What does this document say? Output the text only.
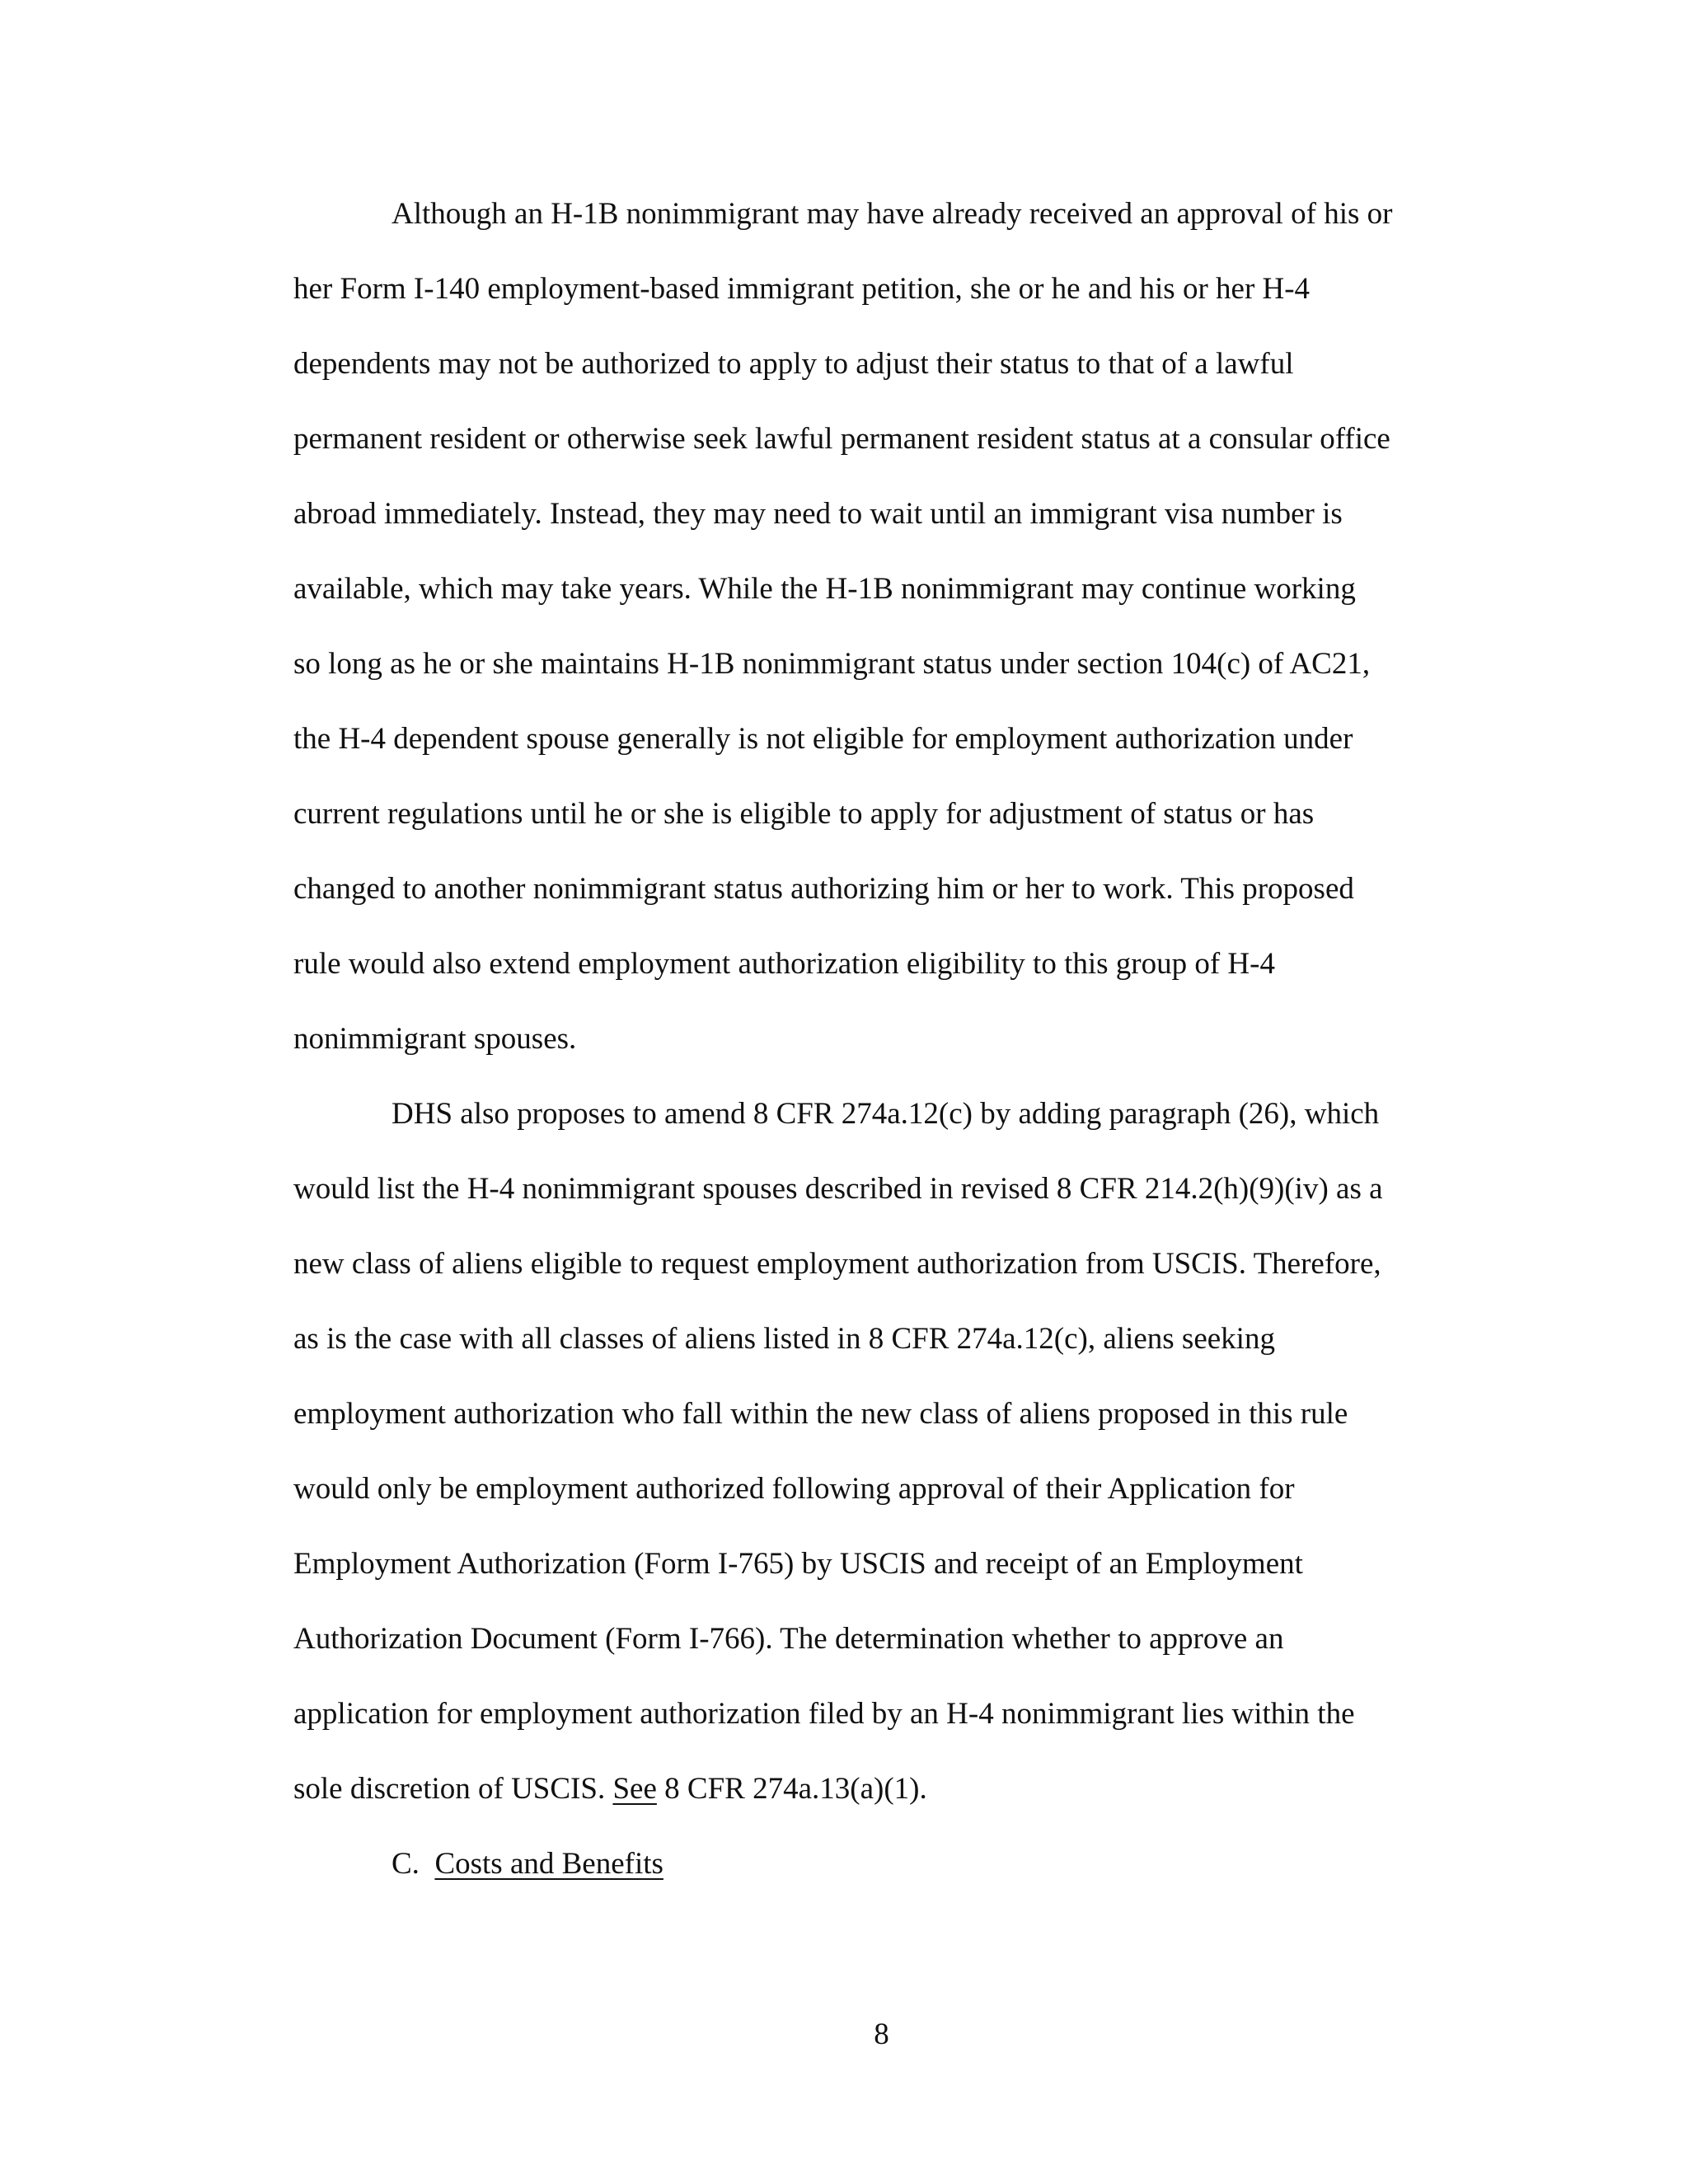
Although an H-1B nonimmigrant may have already received an approval of his or

her Form I-140 employment-based immigrant petition, she or he and his or her H-4

dependents may not be authorized to apply to adjust their status to that of a lawful

permanent resident or otherwise seek lawful permanent resident status at a consular office

abroad immediately. Instead, they may need to wait until an immigrant visa number is

available, which may take years. While the H-1B nonimmigrant may continue working

so long as he or she maintains H-1B nonimmigrant status under section 104(c) of AC21,

the H-4 dependent spouse generally is not eligible for employment authorization under

current regulations until he or she is eligible to apply for adjustment of status or has

changed to another nonimmigrant status authorizing him or her to work. This proposed

rule would also extend employment authorization eligibility to this group of H-4

nonimmigrant spouses.

DHS also proposes to amend 8 CFR 274a.12(c) by adding paragraph (26), which

would list the H-4 nonimmigrant spouses described in revised 8 CFR 214.2(h)(9)(iv) as a

new class of aliens eligible to request employment authorization from USCIS. Therefore,

as is the case with all classes of aliens listed in 8 CFR 274a.12(c), aliens seeking

employment authorization who fall within the new class of aliens proposed in this rule

would only be employment authorized following approval of their Application for

Employment Authorization (Form I-765) by USCIS and receipt of an Employment

Authorization Document (Form I-766). The determination whether to approve an

application for employment authorization filed by an H-4 nonimmigrant lies within the

sole discretion of USCIS. See 8 CFR 274a.13(a)(1).

C. Costs and Benefits

8
